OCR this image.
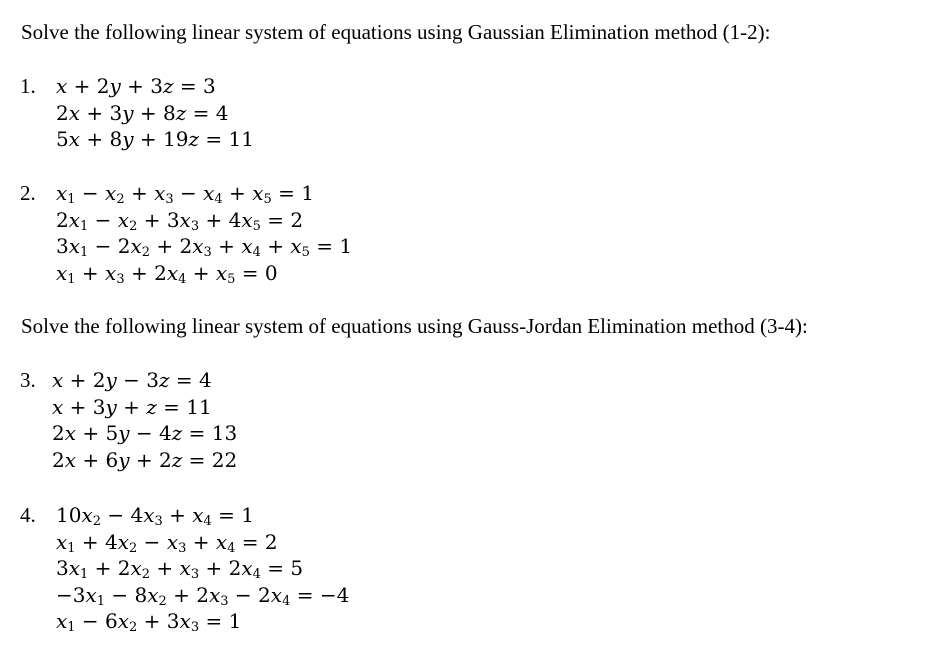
Solve the following linear system of equations using Gaussian Elimination method (1-2):
1. x + 2y + 3z = 3
2x + 3y + 8z = 4
5x + 8y + 19z = 11
2. $x_1 - x_2 + x_3 - x_4 + x_5 = 1$
$2x_1 - x_2 + 3x_3 + 4x_5 = 2$
$3x_1 - 2x_2 + 2x_3 + x_4 + x_5 = 1$
$x_1 + x_3 + 2x_4 + x_5 = 0$
Solve the following linear system of equations using Gauss-Jordan Elimination method (3-4):
3. x + 2y − 3z = 4
x + 3y + z = 11
2x + 5y − 4z = 13
2x + 6y + 2z = 22
4. $10x_2 - 4x_3 + x_4 = 1$
$x_1 + 4x_2 - x_3 + x_4 = 2$
$3x_1 + 2x_2 + x_3 + 2x_4 = 5$
$-3x_1 - 8x_2 + 2x_3 - 2x_4 = -4$
$x_1 - 6x_2 + 3x_3 = 1$
